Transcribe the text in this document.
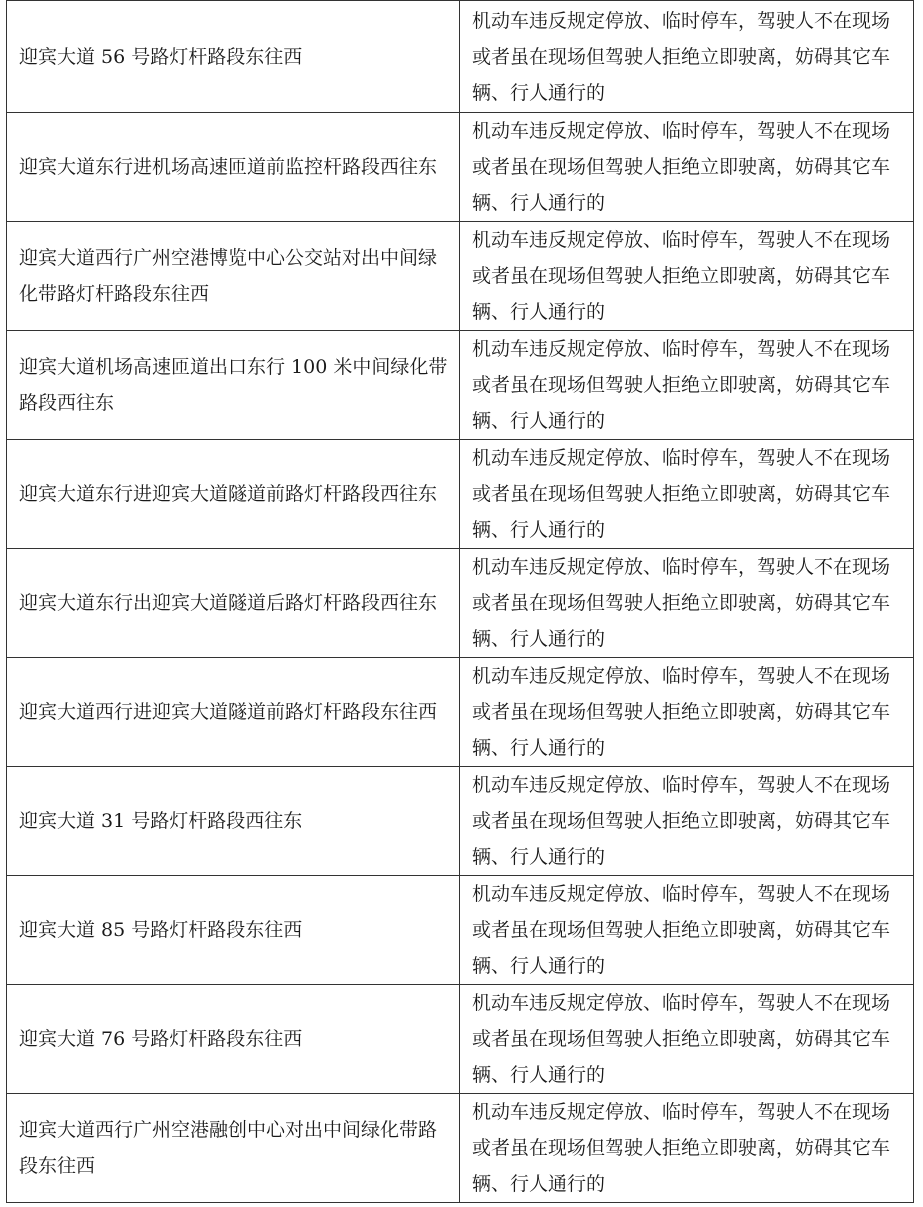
迎宾大道 56 号路灯杆路段东往西	机动车违反规定停放、临时停车，驾驶人不在现场或者虽在现场但驾驶人拒绝立即驶离，妨碍其它车辆、行人通行的
迎宾大道东行进机场高速匝道前监控杆路段西往东	机动车违反规定停放、临时停车，驾驶人不在现场或者虽在现场但驾驶人拒绝立即驶离，妨碍其它车辆、行人通行的
迎宾大道西行广州空港博览中心公交站对出中间绿化带路灯杆路段东往西	机动车违反规定停放、临时停车，驾驶人不在现场或者虽在现场但驾驶人拒绝立即驶离，妨碍其它车辆、行人通行的
迎宾大道机场高速匝道出口东行 100 米中间绿化带路段西往东	机动车违反规定停放、临时停车，驾驶人不在现场或者虽在现场但驾驶人拒绝立即驶离，妨碍其它车辆、行人通行的
迎宾大道东行进迎宾大道隧道前路灯杆路段西往东	机动车违反规定停放、临时停车，驾驶人不在现场或者虽在现场但驾驶人拒绝立即驶离，妨碍其它车辆、行人通行的
迎宾大道东行出迎宾大道隧道后路灯杆路段西往东	机动车违反规定停放、临时停车，驾驶人不在现场或者虽在现场但驾驶人拒绝立即驶离，妨碍其它车辆、行人通行的
迎宾大道西行进迎宾大道隧道前路灯杆路段东往西	机动车违反规定停放、临时停车，驾驶人不在现场或者虽在现场但驾驶人拒绝立即驶离，妨碍其它车辆、行人通行的
迎宾大道 31 号路灯杆路段西往东	机动车违反规定停放、临时停车，驾驶人不在现场或者虽在现场但驾驶人拒绝立即驶离，妨碍其它车辆、行人通行的
迎宾大道 85 号路灯杆路段东往西	机动车违反规定停放、临时停车，驾驶人不在现场或者虽在现场但驾驶人拒绝立即驶离，妨碍其它车辆、行人通行的
迎宾大道 76 号路灯杆路段东往西	机动车违反规定停放、临时停车，驾驶人不在现场或者虽在现场但驾驶人拒绝立即驶离，妨碍其它车辆、行人通行的
迎宾大道西行广州空港融创中心对出中间绿化带路段东往西	机动车违反规定停放、临时停车，驾驶人不在现场或者虽在现场但驾驶人拒绝立即驶离，妨碍其它车辆、行人通行的
